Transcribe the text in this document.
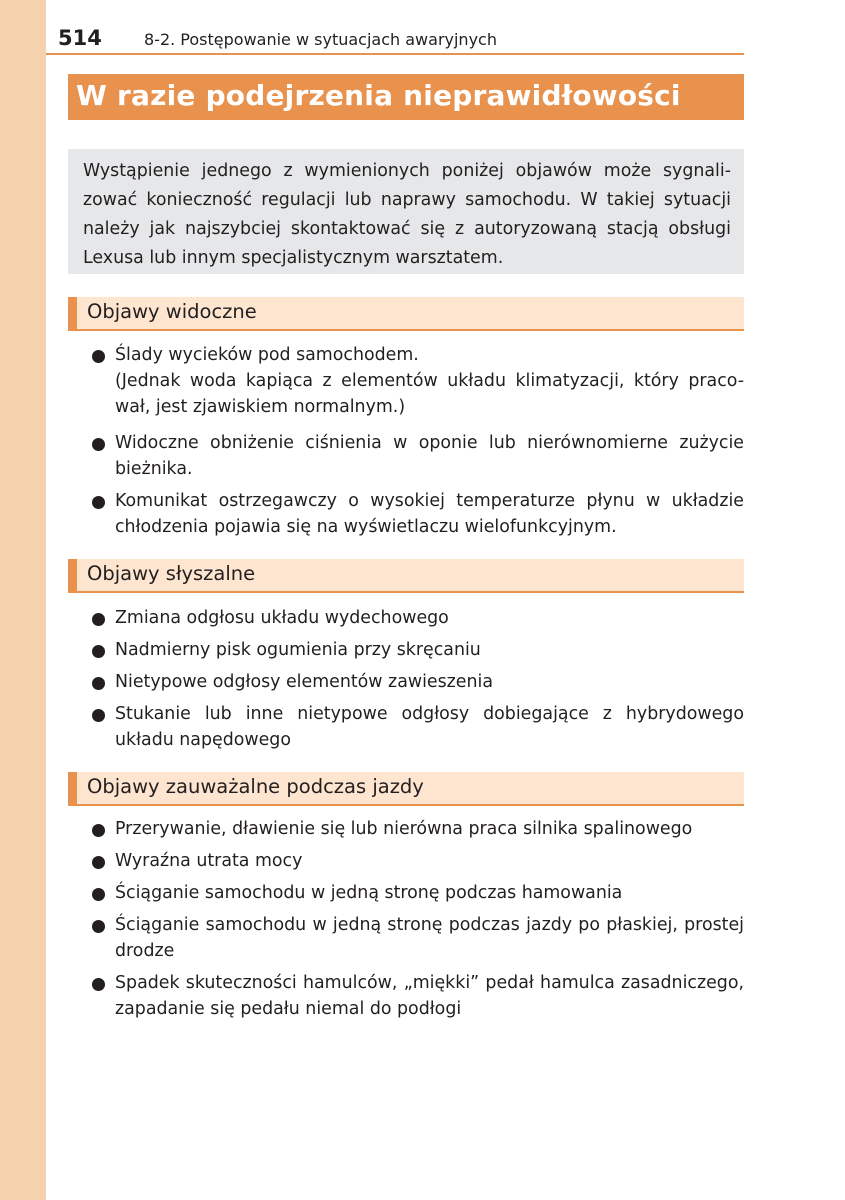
514	8-2. Postępowanie w sytuacjach awaryjnych
W razie podejrzenia nieprawidłowości
Wystąpienie jednego z wymienionych poniżej objawów może sygnali-zować konieczność regulacji lub naprawy samochodu. W takiej sytuacji należy jak najszybciej skontaktować się z autoryzowaną stacją obsługi Lexusa lub innym specjalistycznym warsztatem.
Objawy widoczne
Ślady wycieków pod samochodem.
(Jednak woda kapiąca z elementów układu klimatyzacji, który praco-wał, jest zjawiskiem normalnym.)
Widoczne obniżenie ciśnienia w oponie lub nierównomierne zużycie bieżnika.
Komunikat ostrzegawczy o wysokiej temperaturze płynu w układzie chłodzenia pojawia się na wyświetlaczu wielofunkcyjnym.
Objawy słyszalne
Zmiana odgłosu układu wydechowego
Nadmierny pisk ogumienia przy skręcaniu
Nietypowe odgłosy elementów zawieszenia
Stukanie lub inne nietypowe odgłosy dobiegające z hybrydowego układu napędowego
Objawy zauważalne podczas jazdy
Przerywanie, dławienie się lub nierówna praca silnika spalinowego
Wyraźna utrata mocy
Ściąganie samochodu w jedną stronę podczas hamowania
Ściąganie samochodu w jedną stronę podczas jazdy po płaskiej, prostej drodze
Spadek skuteczności hamulców, „miękki” pedał hamulca zasadniczego, zapadanie się pedału niemal do podłogi
